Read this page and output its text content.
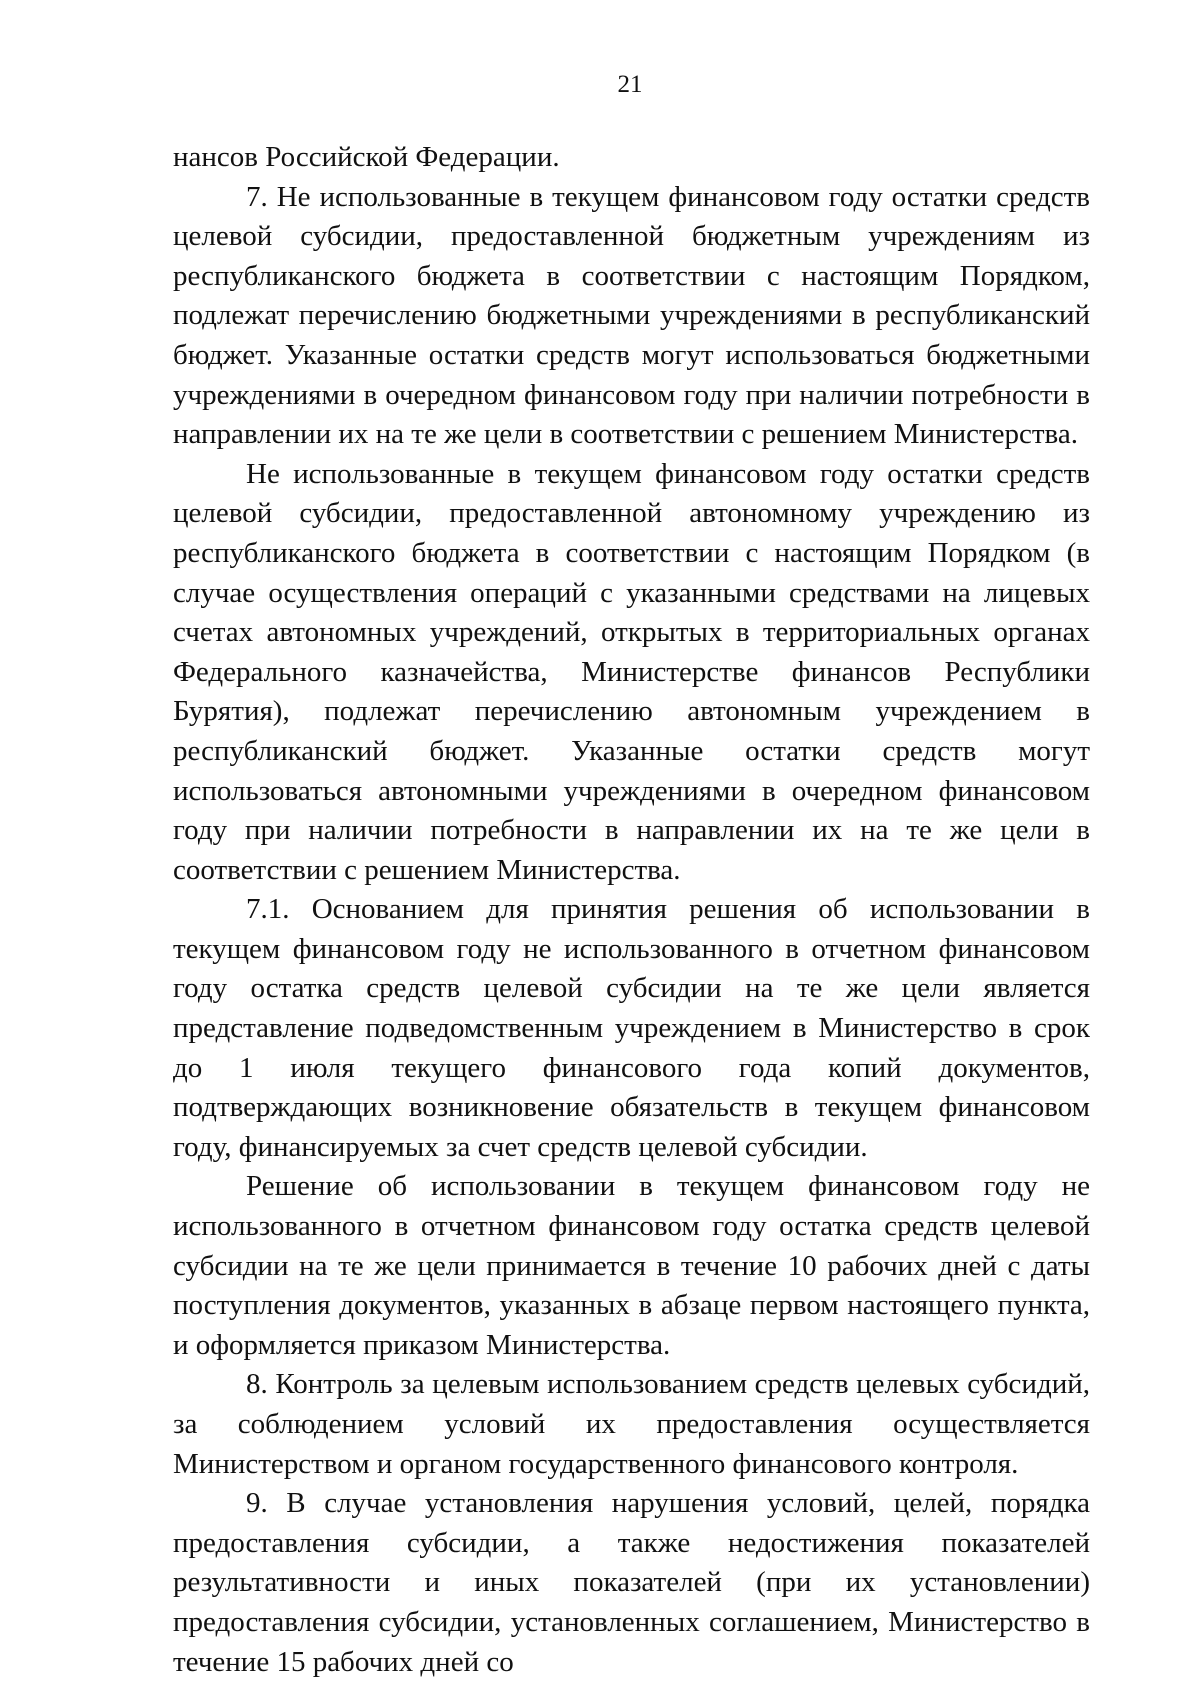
21

нансов Российской Федерации.

7. Не использованные в текущем финансовом году остатки средств целевой субсидии, предоставленной бюджетным учреждениям из республиканского бюджета в соответствии с настоящим Порядком, подлежат перечислению бюджетными учреждениями в республиканский бюджет. Указанные остатки средств могут использоваться бюджетными учреждениями в очередном финансовом году при наличии потребности в направлении их на те же цели в соответствии с решением Министерства.

Не использованные в текущем финансовом году остатки средств целевой субсидии, предоставленной автономному учреждению из республиканского бюджета в соответствии с настоящим Порядком (в случае осуществления операций с указанными средствами на лицевых счетах автономных учреждений, открытых в территориальных органах Федерального казначейства, Министерстве финансов Республики Бурятия), подлежат перечислению автономным учреждением в республиканский бюджет. Указанные остатки средств могут использоваться автономными учреждениями в очередном финансовом году при наличии потребности в направлении их на те же цели в соответствии с решением Министерства.

7.1. Основанием для принятия решения об использовании в текущем финансовом году не использованного в отчетном финансовом году остатка средств целевой субсидии на те же цели является представление подведомственным учреждением в Министерство в срок до 1 июля текущего финансового года копий документов, подтверждающих возникновение обязательств в текущем финансовом году, финансируемых за счет средств целевой субсидии.

Решение об использовании в текущем финансовом году не использованного в отчетном финансовом году остатка средств целевой субсидии на те же цели принимается в течение 10 рабочих дней с даты поступления документов, указанных в абзаце первом настоящего пункта, и оформляется приказом Министерства.

8. Контроль за целевым использованием средств целевых субсидий, за соблюдением условий их предоставления осуществляется Министерством и органом государственного финансового контроля.

9. В случае установления нарушения условий, целей, порядка предоставления субсидии, а также недостижения показателей результативности и иных показателей (при их установлении) предоставления субсидии, установленных соглашением, Министерство в течение 15 рабочих дней со
